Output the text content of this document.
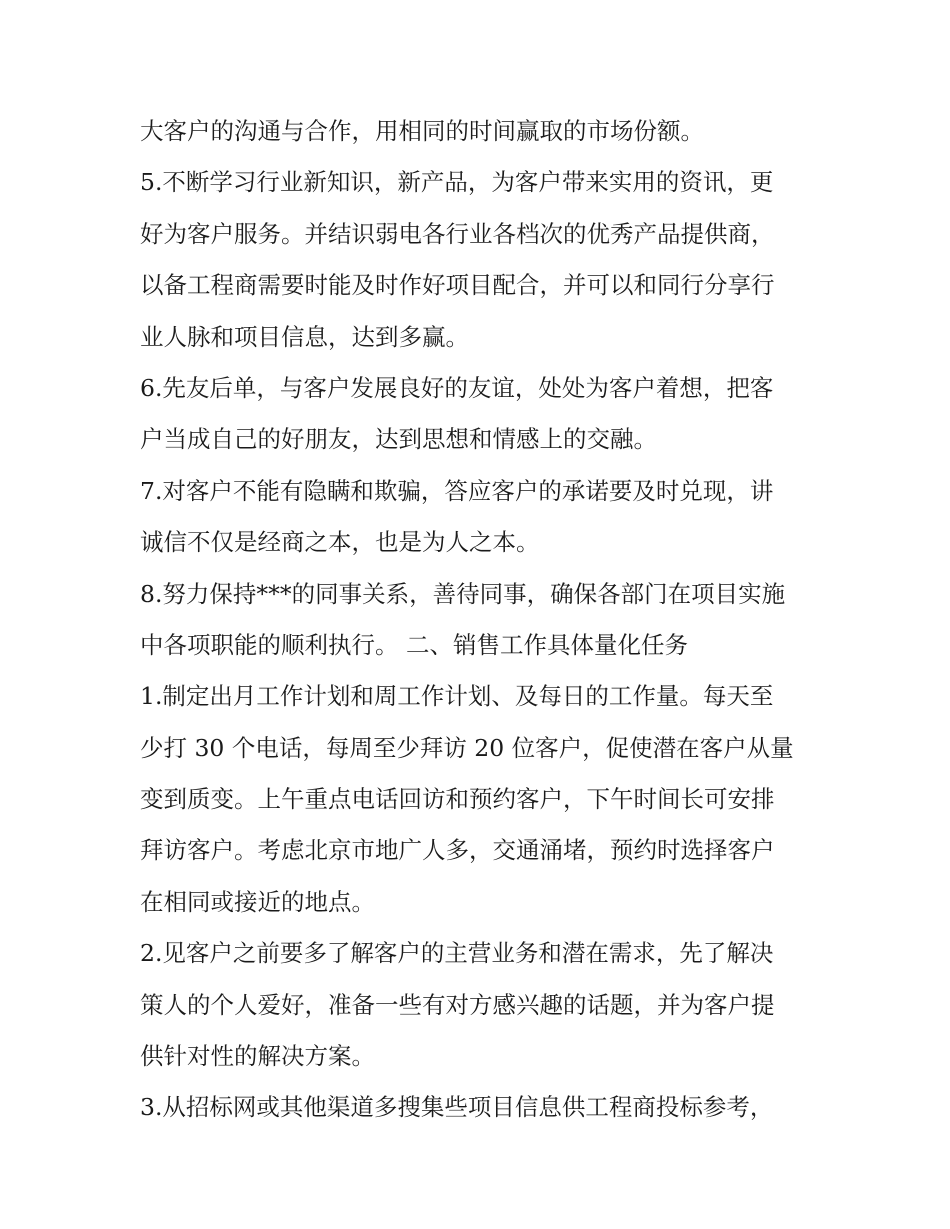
大客户的沟通与合作，用相同的时间赢取的市场份额。
5.不断学习行业新知识，新产品，为客户带来实用的资讯，更
好为客户服务。并结识弱电各行业各档次的优秀产品提供商，
以备工程商需要时能及时作好项目配合，并可以和同行分享行
业人脉和项目信息，达到多赢。
6.先友后单，与客户发展良好的友谊，处处为客户着想，把客
户当成自己的好朋友，达到思想和情感上的交融。
7.对客户不能有隐瞒和欺骗，答应客户的承诺要及时兑现，讲
诚信不仅是经商之本，也是为人之本。
8.努力保持***的同事关系，善待同事，确保各部门在项目实施
中各项职能的顺利执行。 二、销售工作具体量化任务
1.制定出月工作计划和周工作计划、及每日的工作量。每天至
少打 30 个电话，每周至少拜访 20 位客户，促使潜在客户从量
变到质变。上午重点电话回访和预约客户，下午时间长可安排
拜访客户。考虑北京市地广人多，交通涌堵，预约时选择客户
在相同或接近的地点。
2.见客户之前要多了解客户的主营业务和潜在需求，先了解决
策人的个人爱好，准备一些有对方感兴趣的话题，并为客户提
供针对性的解决方案。
3.从招标网或其他渠道多搜集些项目信息供工程商投标参考，
